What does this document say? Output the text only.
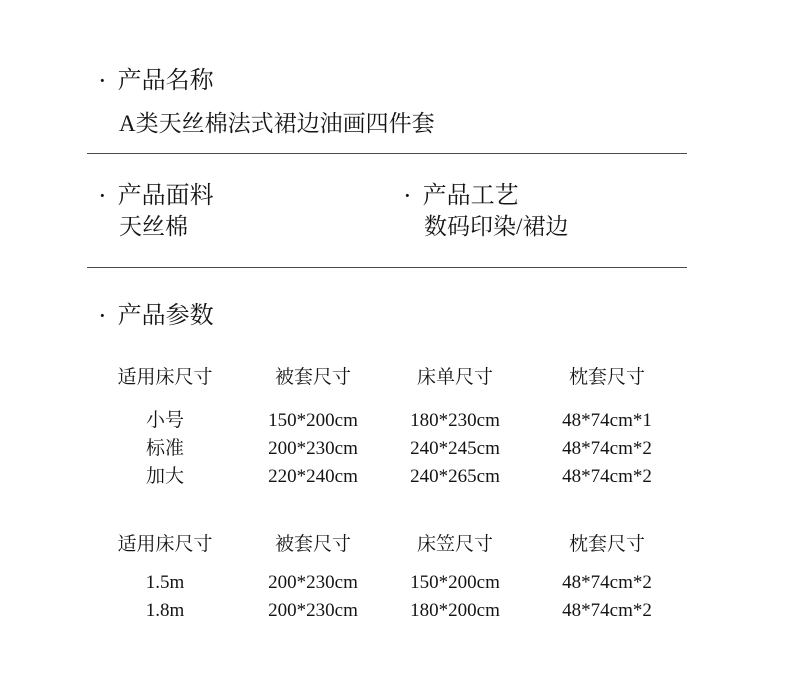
· 产品名称
A类天丝棉法式裙边油画四件套
· 产品面料	· 产品工艺
天丝棉	数码印染/裙边
· 产品参数
适用床尺寸	被套尺寸	床单尺寸	枕套尺寸
小号	150*200cm	180*230cm	48*74cm*1
标准	200*230cm	240*245cm	48*74cm*2
加大	220*240cm	240*265cm	48*74cm*2
适用床尺寸	被套尺寸	床笠尺寸	枕套尺寸
1.5m	200*230cm	150*200cm	48*74cm*2
1.8m	200*230cm	180*200cm	48*74cm*2
